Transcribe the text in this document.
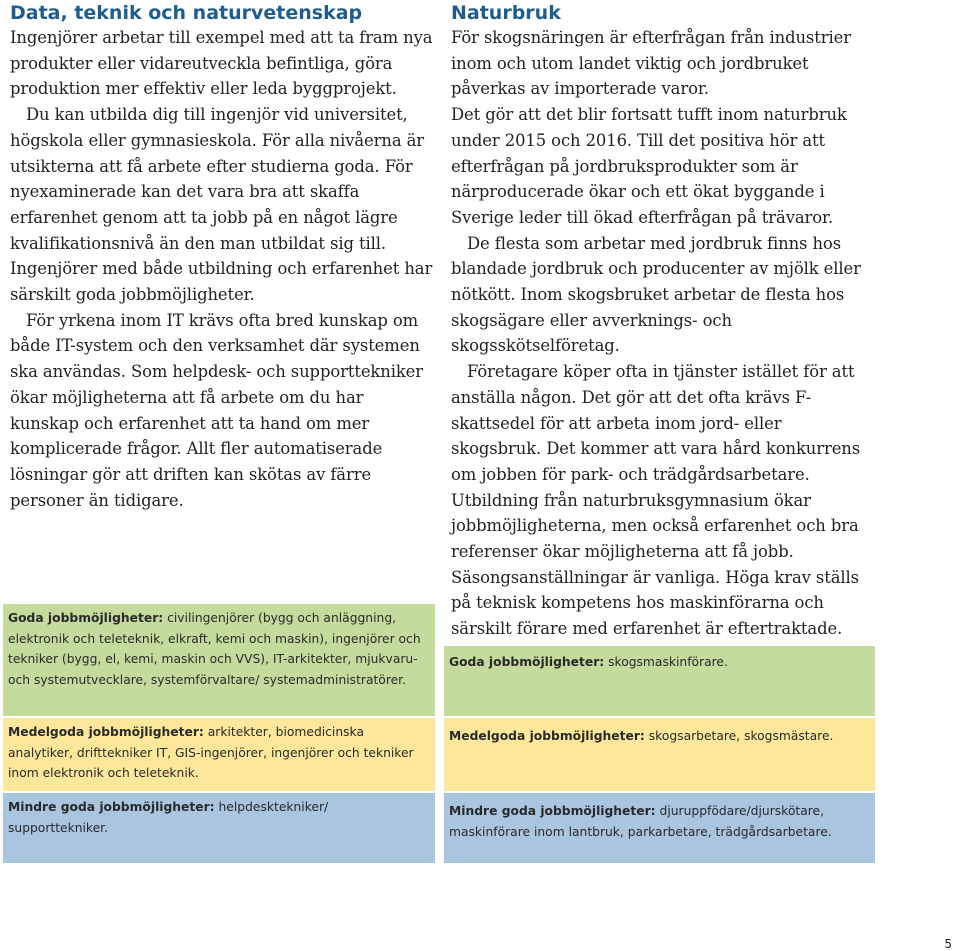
Data, teknik och naturvetenskap

Ingenjörer arbetar till exempel med att ta fram nya produkter eller vidareutveckla befintliga, göra produktion mer effektiv eller leda byggprojekt.

Du kan utbilda dig till ingenjör vid universitet, högskola eller gymnasieskola. För alla nivåerna är utsikterna att få arbete efter studierna goda. För nyexaminerade kan det vara bra att skaffa erfarenhet genom att ta jobb på en något lägre kvalifikationsnivå än den man utbildat sig till. Ingenjörer med både utbildning och erfarenhet har särskilt goda jobbmöjligheter.

För yrkena inom IT krävs ofta bred kunskap om både IT-system och den verksamhet där systemen ska användas. Som helpdesk- och supporttekniker ökar möjligheterna att få arbete om du har kunskap och erfarenhet att ta hand om mer komplicerade frågor. Allt fler automatiserade lösningar gör att driften kan skötas av färre personer än tidigare.

Goda jobbmöjligheter: civilingenjörer (bygg och anläggning, elektronik och teleteknik, elkraft, kemi och maskin), ingenjörer och tekniker (bygg, el, kemi, maskin och VVS), IT-arkitekter, mjukvaru- och systemutvecklare, systemförvaltare/ systemadministratörer.
Medelgoda jobbmöjligheter: arkitekter, biomedicinska analytiker, drifttekniker IT, GIS-ingenjörer, ingenjörer och tekniker inom elektronik och teleteknik.
Mindre goda jobbmöjligheter: helpdesktekniker/ supporttekniker.
Naturbruk

För skogsnäringen är efterfrågan från industrier inom och utom landet viktig och jordbruket påverkas av importerade varor.

Det gör att det blir fortsatt tufft inom naturbruk under 2015 och 2016. Till det positiva hör att efterfrågan på jordbruksprodukter som är närproducerade ökar och ett ökat byggande i Sverige leder till ökad efterfrågan på trävaror.

De flesta som arbetar med jordbruk finns hos blandade jordbruk och producenter av mjölk eller nötkött. Inom skogsbruket arbetar de flesta hos skogsägare eller avverknings- och skogsskötselföretag.

Företagare köper ofta in tjänster istället för att anställa någon. Det gör att det ofta krävs F-skattsedel för att arbeta inom jord- eller skogsbruk. Det kommer att vara hård konkurrens om jobben för park- och trädgårdsarbetare. Utbildning från naturbruksgymnasium ökar jobbmöjligheterna, men också erfarenhet och bra referenser ökar möjligheterna att få jobb. Säsongsanställningar är vanliga. Höga krav ställs på teknisk kompetens hos maskinförarna och särskilt förare med erfarenhet är eftertraktade.

Goda jobbmöjligheter: skogsmaskinförare.
Medelgoda jobbmöjligheter: skogsarbetare, skogsmästare.
Mindre goda jobbmöjligheter: djuruppfödare/djurskötare, maskinförare inom lantbruk, parkarbetare, trädgårdsarbetare.
5
